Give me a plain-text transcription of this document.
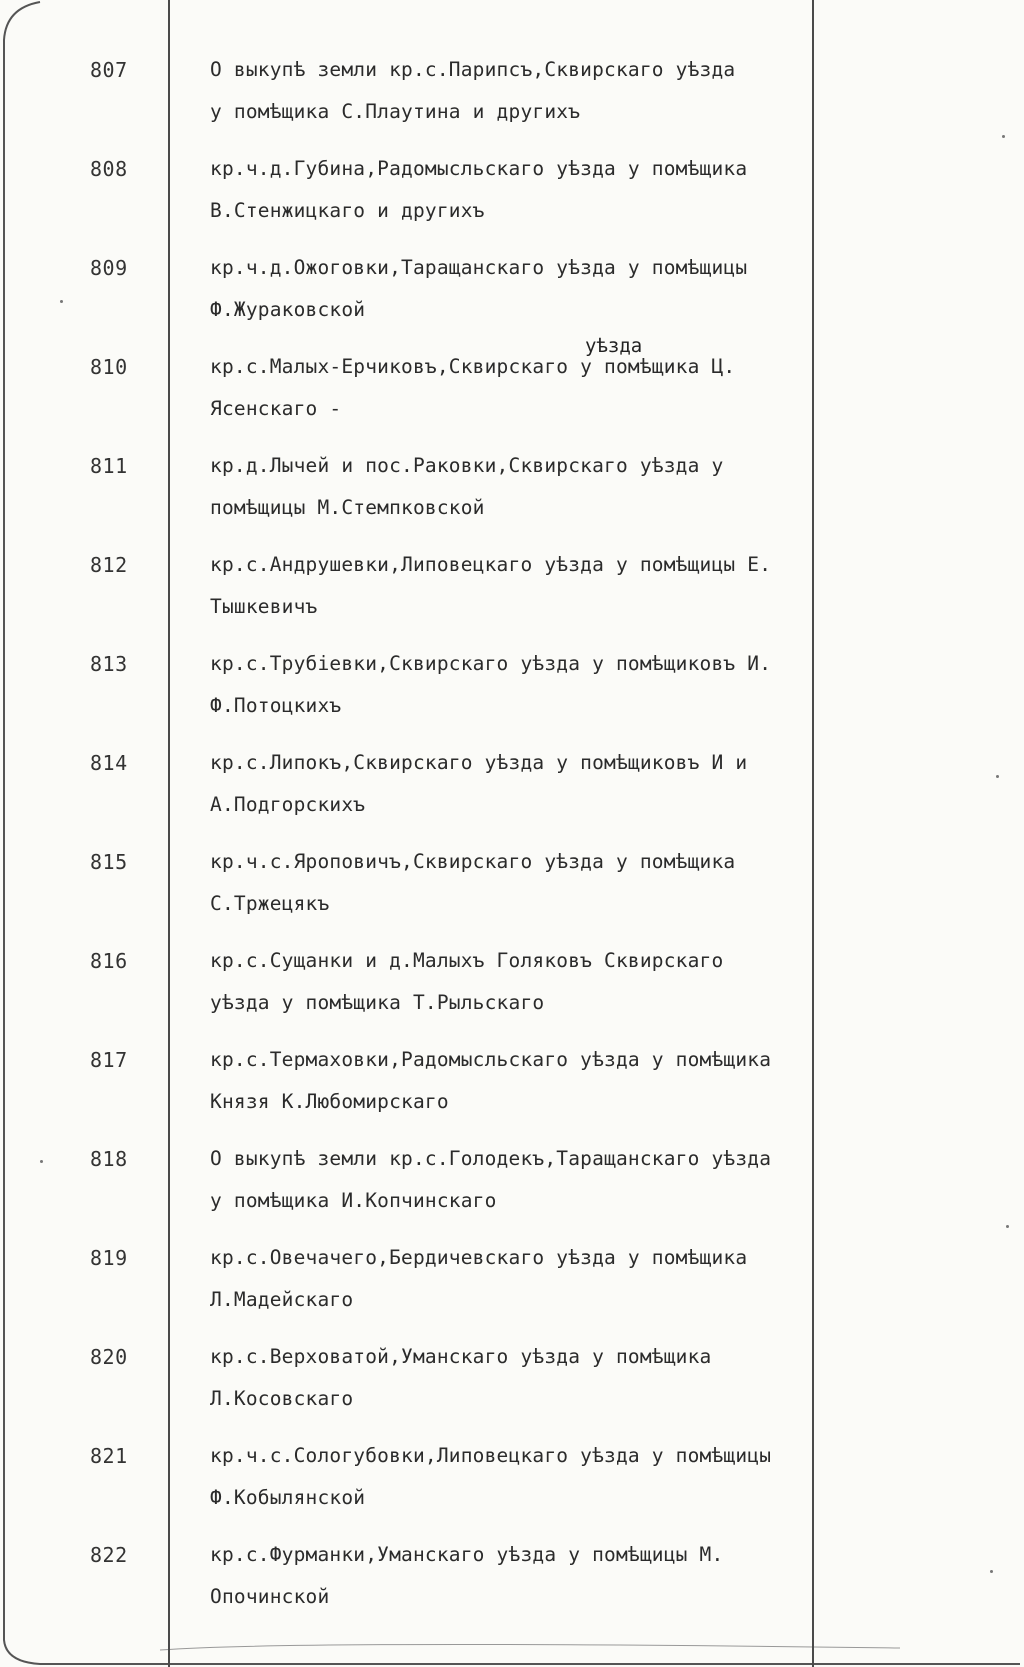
уѣзда
807	О выкупѣ земли кр.с.Парипсъ,Сквирскаго уѣзда
у помѣщика С.Плаутина и другихъ
808	кр.ч.д.Губина,Радомысльскаго уѣзда у помѣщика
В.Стенжицкаго и другихъ
809	кр.ч.д.Ожоговки,Таращанскаго уѣзда у помѣщицы
Ф.Жураковской
810	кр.с.Малых-Ерчиковъ,Сквирскаго у помѣщика Ц.
Ясенскаго -
811	кр.д.Лычей и пос.Раковки,Сквирскаго уѣзда у
помѣщицы М.Стемпковской
812	кр.с.Андрушевки,Липовецкаго уѣзда у помѣщицы Е.
Тышкевичъ
813	кр.с.Трубіевки,Сквирскаго уѣзда у помѣщиковъ И.
Ф.Потоцкихъ
814	кр.с.Липокъ,Сквирскаго уѣзда у помѣщиковъ И и
А.Подгорскихъ
815	кр.ч.с.Яроповичъ,Сквирскаго уѣзда у помѣщика
С.Тржецякъ
816	кр.с.Сущанки и д.Малыхъ Голяковъ Сквирскаго
уѣзда у помѣщика Т.Рыльскаго
817	кр.с.Термаховки,Радомысльскаго уѣзда у помѣщика
Князя К.Любомирскаго
818	О выкупѣ земли кр.с.Голодекъ,Таращанскаго уѣзда
у помѣщика И.Копчинскаго
819	кр.с.Овечачего,Бердичевскаго уѣзда у помѣщика
Л.Мадейскаго
820	кр.с.Верховатой,Уманскаго уѣзда у помѣщика
Л.Косовскаго
821	кр.ч.с.Сологубовки,Липовецкаго уѣзда у помѣщицы
Ф.Кобылянской
822	кр.с.Фурманки,Уманскаго уѣзда у помѣщицы М.
Опочинской
